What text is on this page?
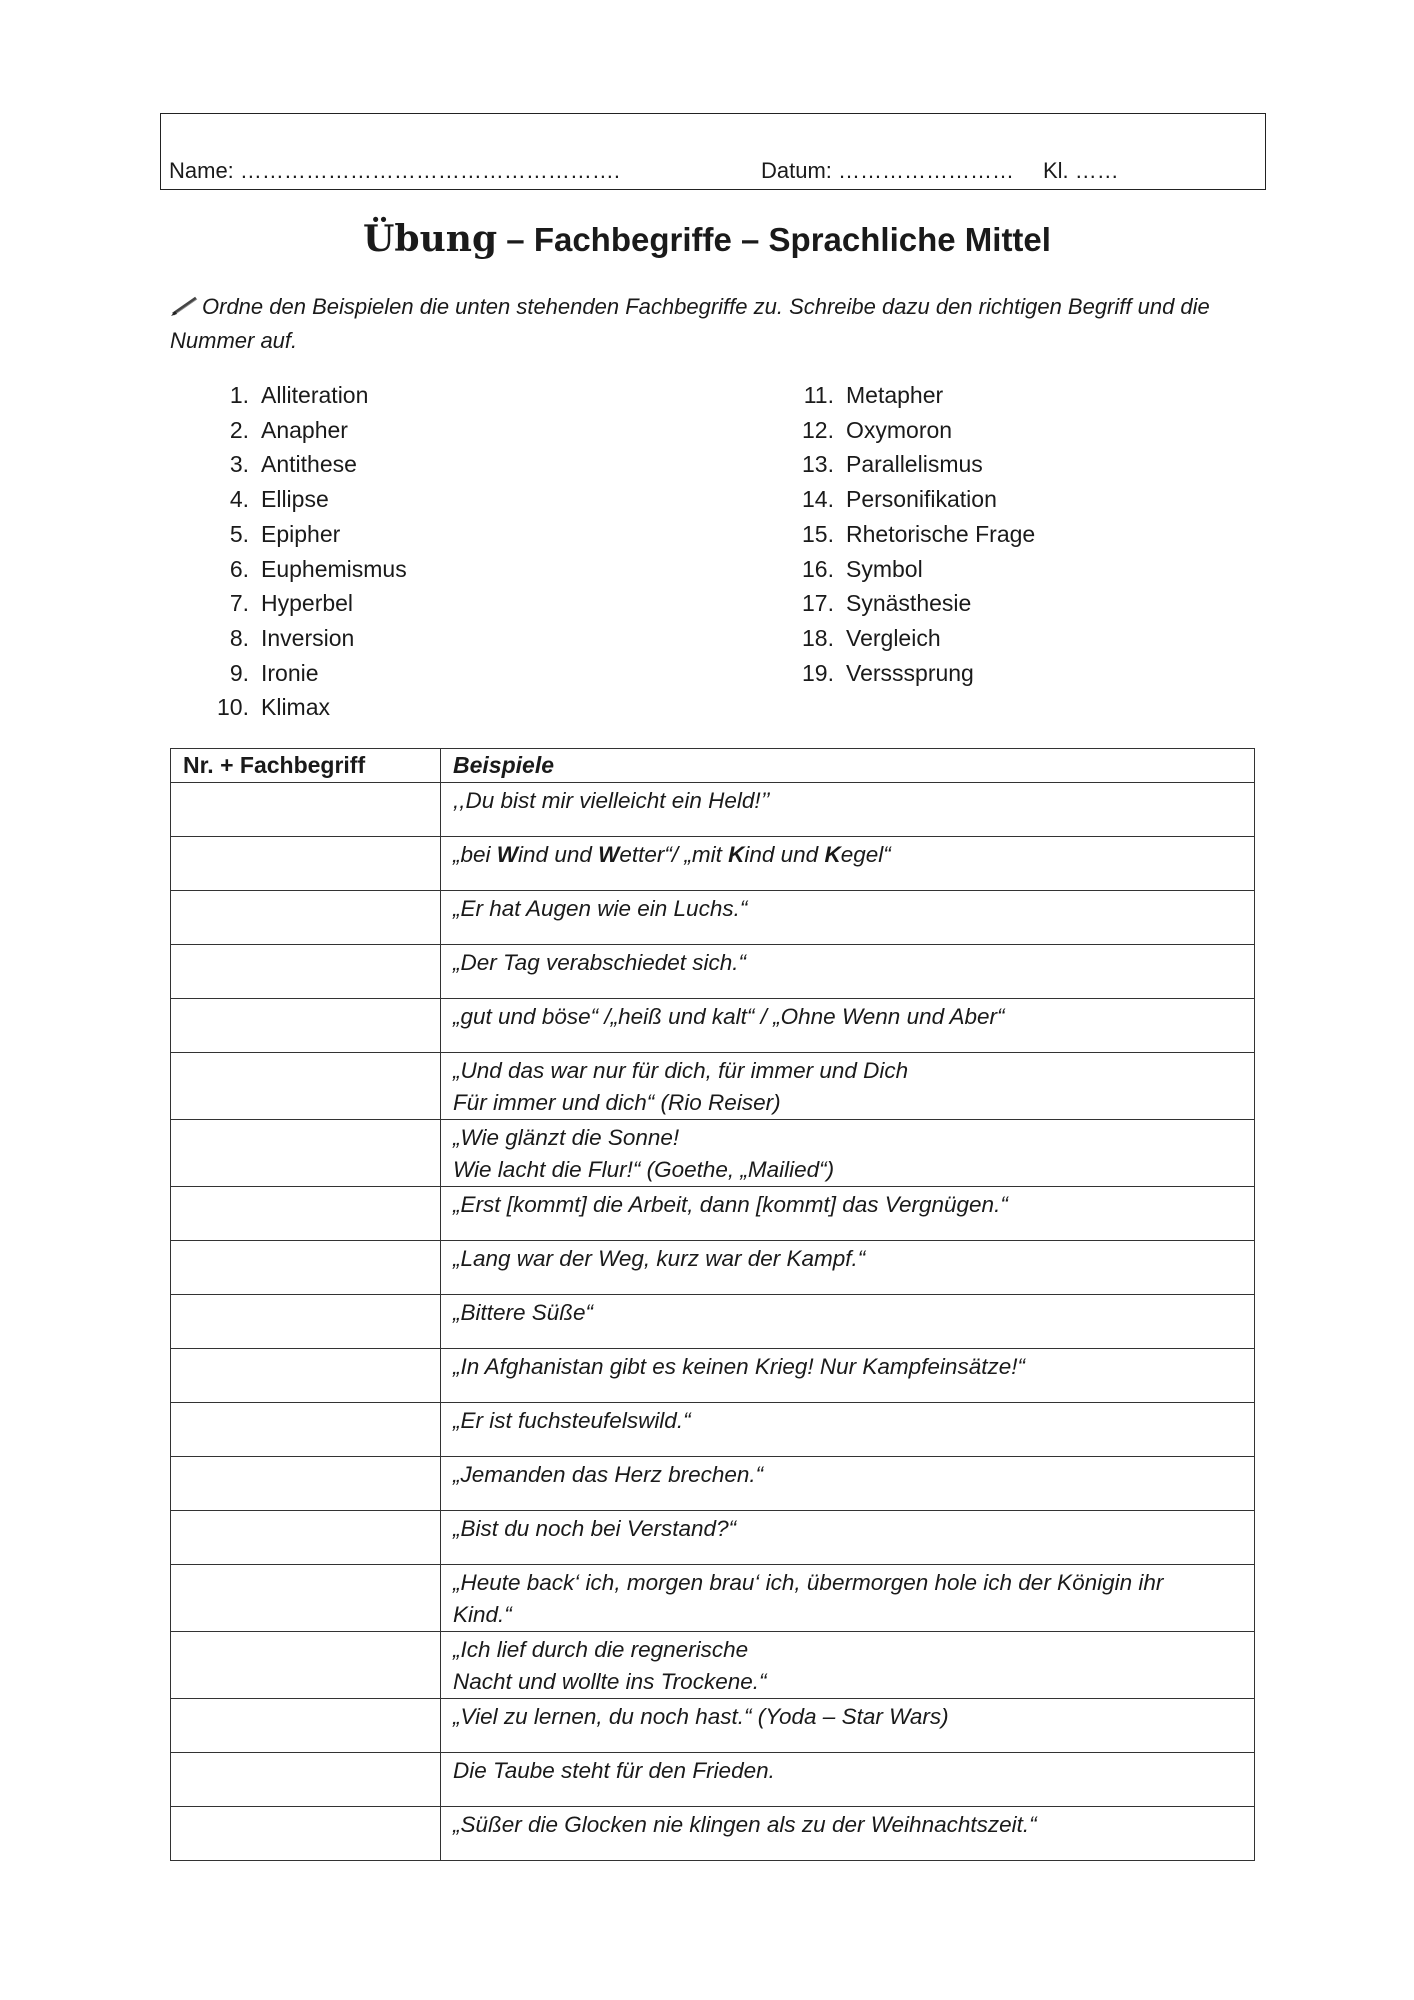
Name: …………………………………………….	Datum: …………………… Kl. ……
Übung – Fachbegriffe – Sprachliche Mittel
Ordne den Beispielen die unten stehenden Fachbegriffe zu. Schreibe dazu den richtigen Begriff und die Nummer auf.
1. Alliteration
2. Anapher
3. Antithese
4. Ellipse
5. Epipher
6. Euphemismus
7. Hyperbel
8. Inversion
9. Ironie
10. Klimax
11. Metapher
12. Oxymoron
13. Parallelismus
14. Personifikation
15. Rhetorische Frage
16. Symbol
17. Synästhesie
18. Vergleich
19. Versssprung
Nr. + Fachbegriff	Beispiele

	,,Du bist mir vielleicht ein Held!’’

	„bei Wind und Wetter“/ „mit Kind und Kegel“

	„Er hat Augen wie ein Luchs.“

	„Der Tag verabschiedet sich.“

	„gut und böse“ /„heiß und kalt“ / „Ohne Wenn und Aber“

	„Und das war nur für dich, für immer und Dich
Für immer und dich“ (Rio Reiser)

	„Wie glänzt die Sonne!
Wie lacht die Flur!“ (Goethe, „Mailied“)

	„Erst [kommt] die Arbeit, dann [kommt] das Vergnügen.“

	„Lang war der Weg, kurz war der Kampf.“

	„Bittere Süße“

	„In Afghanistan gibt es keinen Krieg! Nur Kampfeinsätze!“

	„Er ist fuchsteufelswild.“

	„Jemanden das Herz brechen.“

	„Bist du noch bei Verstand?“

	„Heute back‘ ich, morgen brau‘ ich, übermorgen hole ich der Königin ihr
Kind.“

	„Ich lief durch die regnerische
Nacht und wollte ins Trockene.“

	„Viel zu lernen, du noch hast.“ (Yoda – Star Wars)

	Die Taube steht für den Frieden.

	„Süßer die Glocken nie klingen als zu der Weihnachtszeit.“
